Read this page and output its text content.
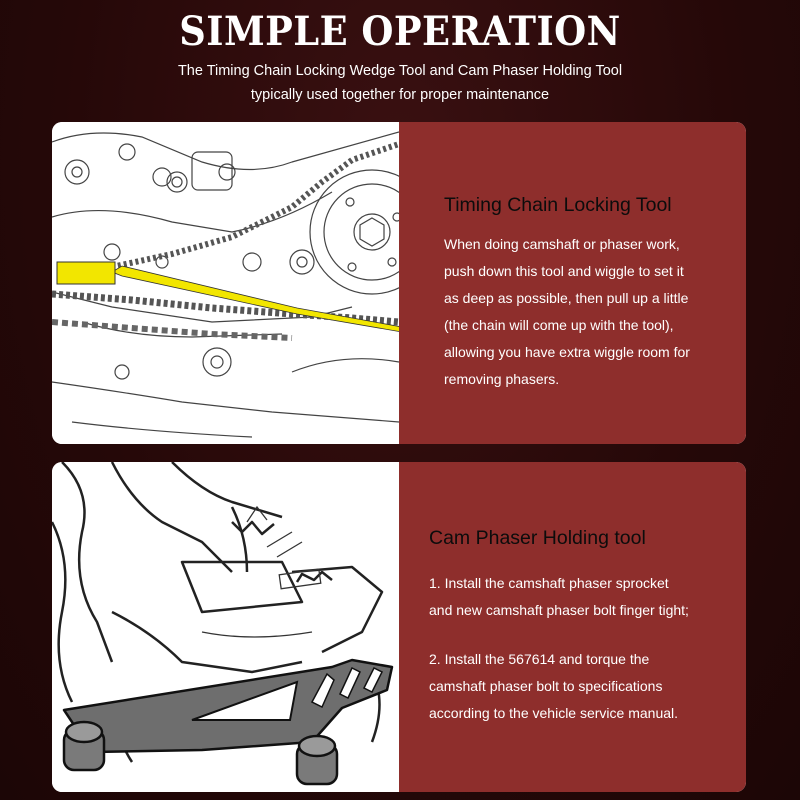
SIMPLE OPERATION
The Timing Chain Locking Wedge Tool and Cam Phaser Holding Tool
typically used together for proper maintenance
Timing Chain Locking Tool
When doing camshaft or phaser work,
push down this tool and wiggle to set it
as deep as possible, then pull up a little
(the chain will come up with the tool),
allowing you have extra wiggle room for
removing phasers.
Cam Phaser Holding tool
1. Install the camshaft phaser sprocket
and new camshaft phaser bolt finger tight;
2. Install the 567614 and torque the
camshaft phaser bolt to specifications
according to the vehicle service manual.
